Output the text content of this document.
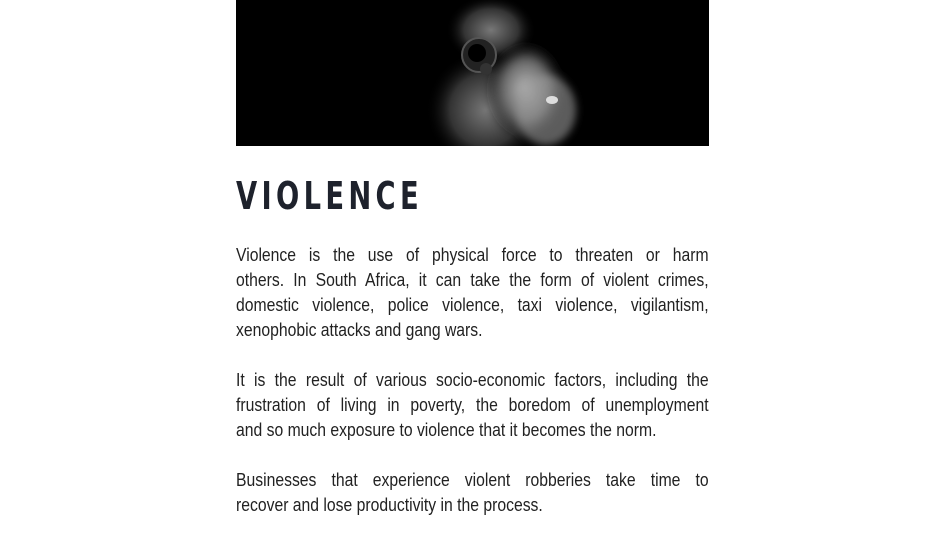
VIOLENCE

Violence is the use of physical force to threaten or harm
others. In South Africa, it can take the form of violent crimes,
domestic violence, police violence, taxi violence, vigilantism,
xenophobic attacks and gang wars.

It is the result of various socio-economic factors, including the
frustration of living in poverty, the boredom of unemployment
and so much exposure to violence that it becomes the norm.

Businesses that experience violent robberies take time to
recover and lose productivity in the process.
